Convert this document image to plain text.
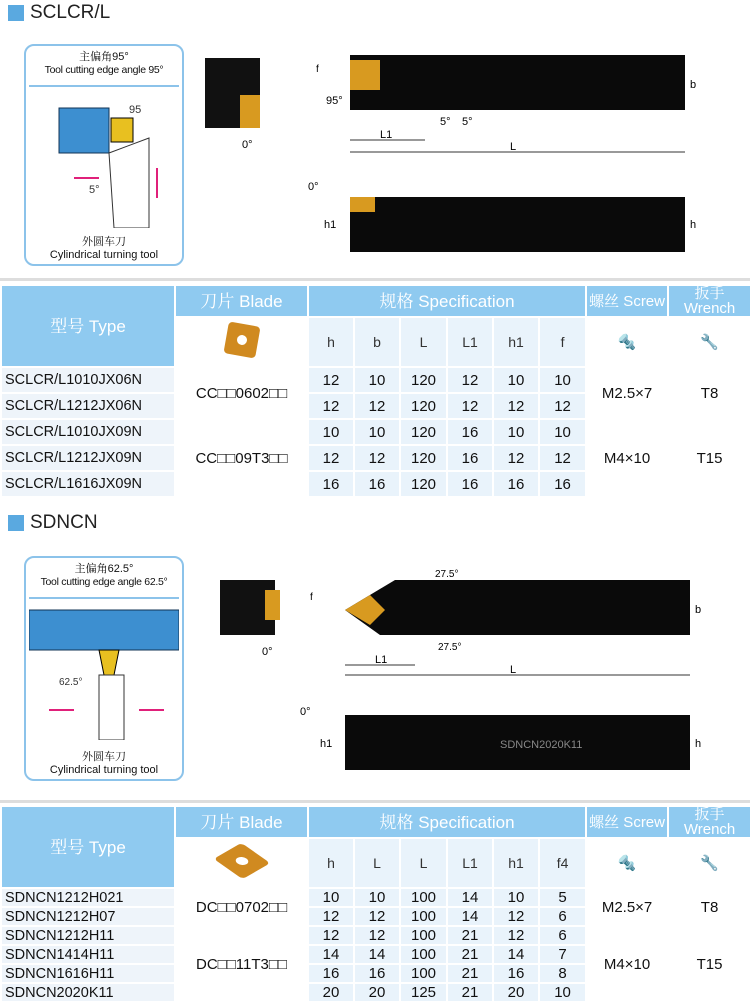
SCLCR/L
主偏角95°
Tool cutting edge angle 95°
95
5°
外圆车刀
Cylindrical turning tool
0°
95°
5° 5°
b
f
L1
L
0°
h1	h
型号 Type	刀片 Blade	规格 Specification						螺丝 Screw	扳手 Wrench
		h	b	L	L1	h1	f	🔩	🔧
SCLCR/L1010JX06N	CC□□0602□□	12	10	120	12	10	10	M2.5×7	T8
SCLCR/L1212JX06N		12	12	120	12	12	12		
SCLCR/L1010JX09N	CC□□09T3□□	10	10	120	16	10	10	M4×10	T15
SCLCR/L1212JX09N		12	12	120	16	12	12		
SCLCR/L1616JX09N		16	16	120	16	16	16		
SDNCN
主偏角62.5°
Tool cutting edge angle 62.5°
62.5°
外圆车刀
Cylindrical turning tool
0°
27.5°
27.5°
f
b
L1
L
SDNCN2020K11
0°
h1	h
型号 Type	刀片 Blade	规格 Specification						螺丝 Screw	扳手 Wrench
		h	L	L	L1	h1	f4	🔩	🔧
SDNCN1212H021	DC□□0702□□	10	10	100	14	10	5	M2.5×7	T8
SDNCN1212H07		12	12	100	14	12	6		
SDNCN1212H11	DC□□11T3□□	12	12	100	21	12	6	M4×10	T15
SDNCN1414H11		14	14	100	21	14	7		
SDNCN1616H11		16	16	100	21	16	8		
SDNCN2020K11		20	20	125	21	20	10		
